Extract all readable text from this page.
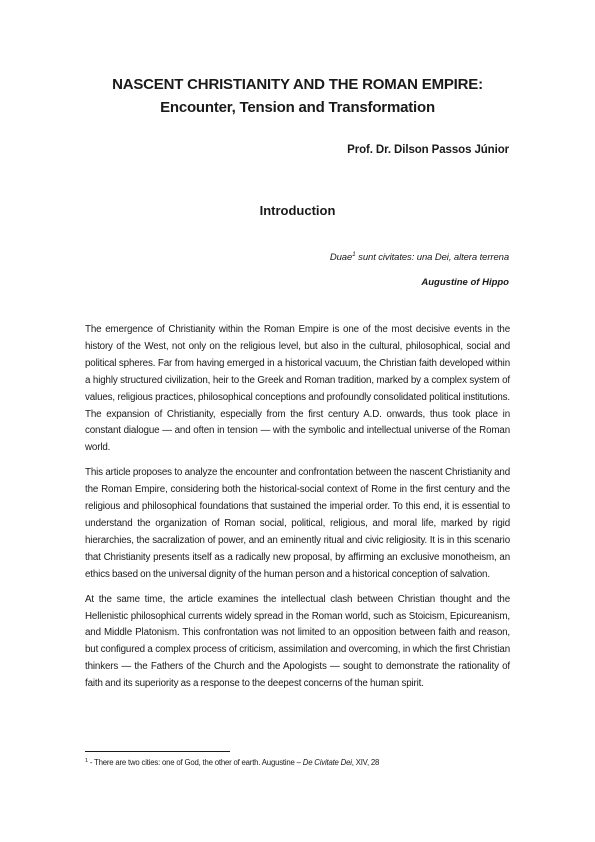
NASCENT CHRISTIANITY AND THE ROMAN EMPIRE:
Encounter, Tension and Transformation
Prof. Dr. Dilson Passos Júnior
Introduction
Duae$^1$ sunt civitates: una Dei, altera terrena
Augustine of Hippo

The emergence of Christianity within the Roman Empire is one of the most decisive events in the history of the West, not only on the religious level, but also in the cultural, philosophical, social and political spheres. Far from having emerged in a historical vacuum, the Christian faith developed within a highly structured civilization, heir to the Greek and Roman tradition, marked by a complex system of values, religious practices, philosophical conceptions and profoundly consolidated political institutions. The expansion of Christianity, especially from the first century A.D. onwards, thus took place in constant dialogue — and often in tension — with the symbolic and intellectual universe of the Roman world.

This article proposes to analyze the encounter and confrontation between the nascent Christianity and the Roman Empire, considering both the historical-social context of Rome in the first century and the religious and philosophical foundations that sustained the imperial order. To this end, it is essential to understand the organization of Roman social, political, religious, and moral life, marked by rigid hierarchies, the sacralization of power, and an eminently ritual and civic religiosity. It is in this scenario that Christianity presents itself as a radically new proposal, by affirming an exclusive monotheism, an ethics based on the universal dignity of the human person and a historical conception of salvation.

At the same time, the article examines the intellectual clash between Christian thought and the Hellenistic philosophical currents widely spread in the Roman world, such as Stoicism, Epicureanism, and Middle Platonism. This confrontation was not limited to an opposition between faith and reason, but configured a complex process of criticism, assimilation and overcoming, in which the first Christian thinkers — the Fathers of the Church and the Apologists — sought to demonstrate the rationality of faith and its superiority as a response to the deepest concerns of the human spirit.

$^1$ - There are two cities: one of God, the other of earth. Augustine – De Civitate Dei, XIV, 28
